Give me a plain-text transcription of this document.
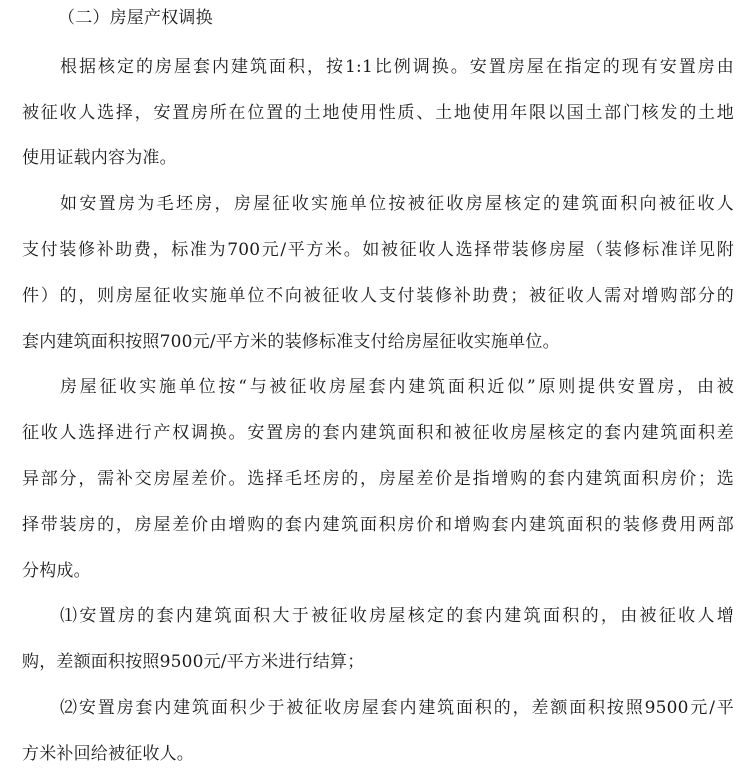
（二）房屋产权调换
根据核定的房屋套内建筑面积，按1:1比例调换。安置房屋在指定的现有安置房由
被征收人选择，安置房所在位置的土地使用性质、土地使用年限以国土部门核发的土地
使用证载内容为准。
如安置房为毛坯房，房屋征收实施单位按被征收房屋核定的建筑面积向被征收人
支付装修补助费，标准为700元/平方米。如被征收人选择带装修房屋（装修标准详见附
件）的，则房屋征收实施单位不向被征收人支付装修补助费；被征收人需对增购部分的
套内建筑面积按照700元/平方米的装修标准支付给房屋征收实施单位。
房屋征收实施单位按“与被征收房屋套内建筑面积近似”原则提供安置房，由被
征收人选择进行产权调换。安置房的套内建筑面积和被征收房屋核定的套内建筑面积差
异部分，需补交房屋差价。选择毛坯房的，房屋差价是指增购的套内建筑面积房价；选
择带装房的，房屋差价由增购的套内建筑面积房价和增购套内建筑面积的装修费用两部
分构成。
⑴安置房的套内建筑面积大于被征收房屋核定的套内建筑面积的，由被征收人增
购，差额面积按照9500元/平方米进行结算；
⑵安置房套内建筑面积少于被征收房屋套内建筑面积的，差额面积按照9500元/平
方米补回给被征收人。
